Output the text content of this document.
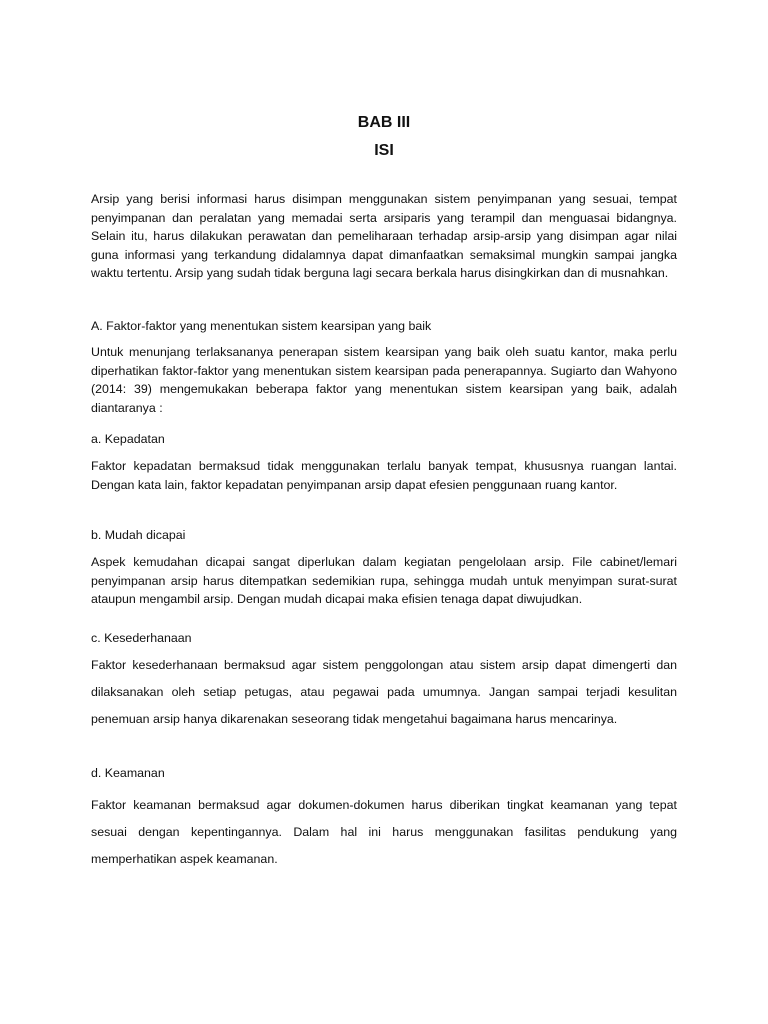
BAB III
ISI

Arsip yang berisi informasi harus disimpan menggunakan sistem penyimpanan yang sesuai, tempat penyimpanan dan peralatan yang memadai serta arsiparis yang terampil dan menguasai bidangnya. Selain itu, harus dilakukan perawatan dan pemeliharaan terhadap arsip-arsip yang disimpan agar nilai guna informasi yang terkandung didalamnya dapat dimanfaatkan semaksimal mungkin sampai jangka waktu tertentu. Arsip yang sudah tidak berguna lagi secara berkala harus disingkirkan dan di musnahkan.

A. Faktor-faktor yang menentukan sistem kearsipan yang baik

Untuk menunjang terlaksananya penerapan sistem kearsipan yang baik oleh suatu kantor, maka perlu diperhatikan faktor-faktor yang menentukan sistem kearsipan pada penerapannya. Sugiarto dan Wahyono (2014: 39) mengemukakan beberapa faktor yang menentukan sistem kearsipan yang baik, adalah diantaranya :

a. Kepadatan

Faktor kepadatan bermaksud tidak menggunakan terlalu banyak tempat, khususnya ruangan lantai. Dengan kata lain, faktor kepadatan penyimpanan arsip dapat efesien penggunaan ruang kantor.

b. Mudah dicapai

Aspek kemudahan dicapai sangat diperlukan dalam kegiatan pengelolaan arsip. File cabinet/lemari penyimpanan arsip harus ditempatkan sedemikian rupa, sehingga mudah untuk menyimpan surat-surat ataupun mengambil arsip. Dengan mudah dicapai maka efisien tenaga dapat diwujudkan.

c. Kesederhanaan

Faktor kesederhanaan bermaksud agar sistem penggolongan atau sistem arsip dapat dimengerti dan dilaksanakan oleh setiap petugas, atau pegawai pada umumnya. Jangan sampai terjadi kesulitan penemuan arsip hanya dikarenakan seseorang tidak mengetahui bagaimana harus mencarinya.

d. Keamanan

Faktor keamanan bermaksud agar dokumen-dokumen harus diberikan tingkat keamanan yang tepat sesuai dengan kepentingannya. Dalam hal ini harus menggunakan fasilitas pendukung yang memperhatikan aspek keamanan.
